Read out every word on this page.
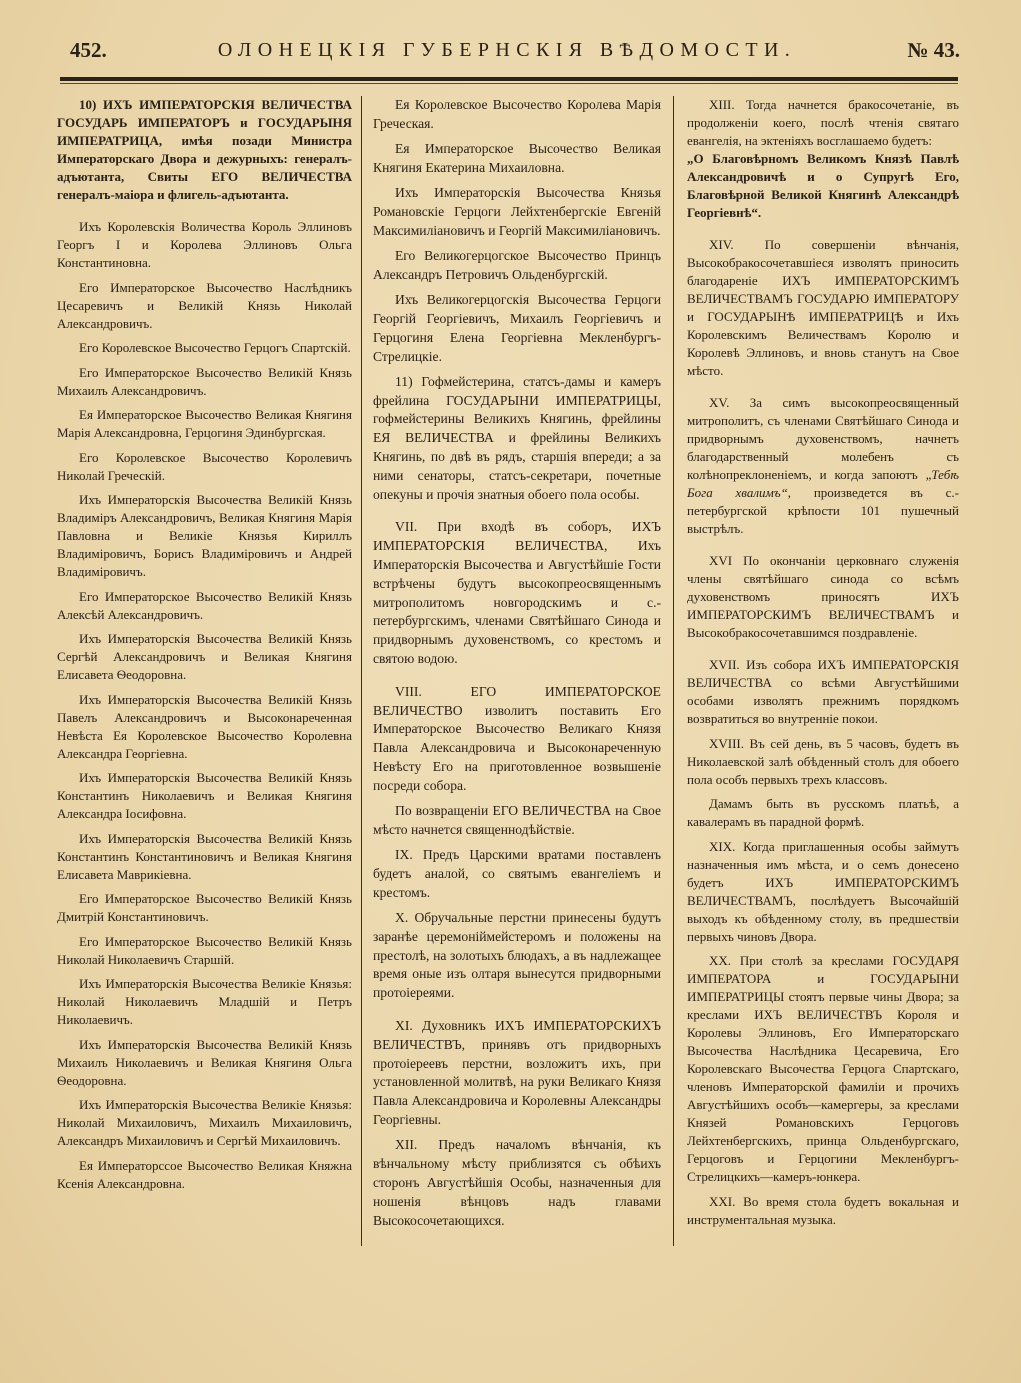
452.	ОЛОНЕЦКІЯ ГУБЕРНСКІЯ ВѢДОМОСТИ.	№ 43.

10) ИХЪ ИМПЕРАТОРСКІЯ ВЕЛИЧЕСТВА ГОСУДАРЬ ИМПЕРАТОРЪ и ГОСУДАРЫНЯ ИМПЕРАТРИЦА, имѣя позади Министра Императорскаго Двора и дежурныхъ: генералъ-адъютанта, Свиты ЕГО ВЕЛИЧЕСТВА генералъ-маіора и флигель-адъютанта.

Ихъ Королевскія Воличества Король Эллиновъ Георгъ I и Королева Эллиновъ Ольга Константиновна.

Его Императорское Высочество Наслѣдникъ Цесаревичъ и Великій Князь Николай Александровичъ.

Его Королевское Высочество Герцогъ Спартскій.

Его Императорское Высочество Великій Князь Михаилъ Александровичъ.

Ея Императорское Высочество Великая Княгиня Марія Александровна, Герцогиня Эдинбургская.

Его Королевское Высочество Королевичъ Николай Греческій.

Ихъ Императорскія Высочества Великій Князь Владиміръ Александровичъ, Великая Княгиня Марія Павловна и Великіе Князья Кириллъ Владиміровичъ, Борисъ Владиміровичъ и Андрей Владиміровичъ.

Его Императорское Высочество Великій Князь Алексѣй Александровичъ.

Ихъ Императорскія Высочества Великій Князь Сергѣй Александровичъ и Великая Княгиня Елисавета Ѳеодоровна.

Ихъ Императорскія Высочества Великій Князь Павелъ Александровичъ и Высоконареченная Невѣста Ея Королевское Высочество Королевна Александра Георгіевна.

Ихъ Императорскія Высочества Великій Князь Константинъ Николаевичъ и Великая Княгиня Александра Іосифовна.

Ихъ Императорскія Высочества Великій Князь Константинъ Константиновичъ и Великая Княгиня Елисавета Маврикіевна.

Его Императорское Высочество Великій Князь Дмитрій Константиновичъ.

Его Императорское Высочество Великій Князь Николай Николаевичъ Старшій.

Ихъ Императорскія Высочества Великіе Князья: Николай Николаевичъ Младшій и Петръ Николаевичъ.

Ихъ Императорскія Высочества Великій Князь Михаилъ Николаевичъ и Великая Княгиня Ольга Ѳеодоровна.

Ихъ Императорскія Высочества Великіе Князья: Николай Михаиловичъ, Михаилъ Михаиловичъ, Александръ Михаиловичъ и Сергѣй Михаиловичъ.

Ея Императорссое Высочество Великая Княжна Ксенія Александровна.

Ея Королевское Высочество Королева Марія Греческая.

Ея Императорское Высочество Великая Княгиня Екатерина Михаиловна.

Ихъ Императорскія Высочества Князья Романовскіе Герцоги Лейхтенбергскіе Евгеній Максимиліановичъ и Георгій Максимиліановичъ.

Его Великогерцогское Высочество Принцъ Александръ Петровичъ Ольденбургскій.

Ихъ Великогерцогскія Высочества Герцоги Георгій Георгіевичъ, Михаилъ Георгіевичъ и Герцогиня Елена Георгіевна Мекленбургъ-Стрелицкіе.

11) Гофмейстерина, статсъ-дамы и камеръ фрейлина ГОСУДАРЫНИ ИМПЕРАТРИЦЫ, гофмейстерины Великихъ Княгинь, фрейлины ЕЯ ВЕЛИЧЕСТВА и фрейлины Великихъ Княгинь, по двѣ въ рядъ, старшія впереди; а за ними сенаторы, статсъ-секретари, почетные опекуны и прочія знатныя обоего пола особы.

VII. При входѣ въ соборъ, ИХЪ ИМПЕРАТОРСКІЯ ВЕЛИЧЕСТВА, Ихъ Императорскія Высочества и Августѣйшіе Гости встрѣчены будутъ высокопреосвященнымъ митрополитомъ новгородскимъ и с.-петербургскимъ, членами Святѣйшаго Синода и придворнымъ духовенствомъ, со крестомъ и святою водою.

VIII. ЕГО ИМПЕРАТОРСКОЕ ВЕЛИЧЕСТВО изволитъ поставить Его Императорское Высочество Великаго Князя Павла Александровича и Высоконареченную Невѣсту Его на приготовленное возвышеніе посреди собора.

По возвращеніи ЕГО ВЕЛИЧЕСТВА на Свое мѣсто начнется священнодѣйствіе.

IX. Предъ Царскими вратами поставленъ будетъ аналой, со святымъ евангеліемъ и крестомъ.

X. Обручальные перстни принесены будутъ заранѣе церемоніймейстеромъ и положены на престолѣ, на золотыхъ блюдахъ, а въ надлежащее время оные изъ олтаря вынесутся придворными протоіереями.

XI. Духовникъ ИХЪ ИМПЕРАТОРСКИХЪ ВЕЛИЧЕСТВЪ, принявъ отъ придворныхъ протоіереевъ перстни, возложитъ ихъ, при установленной молитвѣ, на руки Великаго Князя Павла Александровича и Королевны Александры Георгіевны.

XII. Предъ началомъ вѣнчанія, къ вѣнчальному мѣсту приблизятся съ обѣихъ сторонъ Августѣйшія Особы, назначенныя для ношенія вѣнцовъ надъ главами Высокосочетающихся.

XIII. Тогда начнется бракосочетаніе, въ продолженіи коего, послѣ чтенія святаго евангелія, на эктеніяхъ восглашаемо будетъ:

„О Благовѣрномъ Великомъ Князѣ Павлѣ Александровичѣ и о Супругѣ Его, Благовѣрной Великой Княгинѣ Александрѣ Георгіевнѣ“.

XIV. По совершеніи вѣнчанія, Высокобракосочетавшіеся изволятъ приносить благодареніе ИХЪ ИМПЕРАТОРСКИМЪ ВЕЛИЧЕСТВАМЪ ГОСУДАРЮ ИМПЕРАТОРУ и ГОСУДАРЫНѢ ИМПЕРАТРИЦѢ и Ихъ Королевскимъ Величествамъ Королю и Королевѣ Эллиновъ, и вновь станутъ на Свое мѣсто.

XV. За симъ высокопреосвященный митрополитъ, съ членами Святѣйшаго Синода и придворнымъ духовенствомъ, начнетъ благодарственный молебенъ съ колѣнопреклоненіемъ, и когда запоютъ „Тебѣ Бога хвалимъ“, произведется въ с.-петербургской крѣпости 101 пушечный выстрѣлъ.

XVI По окончаніи церковнаго служенія члены святѣйшаго синода со всѣмъ духовенствомъ приносятъ ИХЪ ИМПЕРАТОРСКИМЪ ВЕЛИЧЕСТВАМЪ и Высокобракосочетавшимся поздравленіе.

XVII. Изъ собора ИХЪ ИМПЕРАТОРСКІЯ ВЕЛИЧЕСТВА со всѣми Августѣйшими особами изволятъ прежнимъ порядкомъ возвратиться во внутренніе покои.

XVIII. Въ сей день, въ 5 часовъ, будетъ въ Николаевской залѣ обѣденный столъ для обоего пола особъ первыхъ трехъ классовъ.

Дамамъ быть въ русскомъ платьѣ, а кавалерамъ въ парадной формѣ.

XIX. Когда приглашенныя особы займутъ назначенныя имъ мѣста, и о семъ донесено будетъ ИХЪ ИМПЕРАТОРСКИМЪ ВЕЛИЧЕСТВАМЪ, послѣдуетъ Высочайшій выходъ къ обѣденному столу, въ предшествіи первыхъ чиновъ Двора.

XX. При столѣ за креслами ГОСУДАРЯ ИМПЕРАТОРА и ГОСУДАРЫНИ ИМПЕРАТРИЦЫ стоятъ первые чины Двора; за креслами ИХЪ ВЕЛИЧЕСТВЪ Короля и Королевы Эллиновъ, Его Императорскаго Высочества Наслѣдника Цесаревича, Его Королевскаго Высочества Герцога Спартскаго, членовъ Императорской фамиліи и прочихъ Августѣйшихъ особъ—камергеры, за креслами Князей Романовскихъ Герцоговъ Лейхтенбергскихъ, принца Ольденбургскаго, Герцоговъ и Герцогини Мекленбургъ-Стрелицкихъ—камеръ-юнкера.

XXI. Во время стола будетъ вокальная и инструментальная музыка.
